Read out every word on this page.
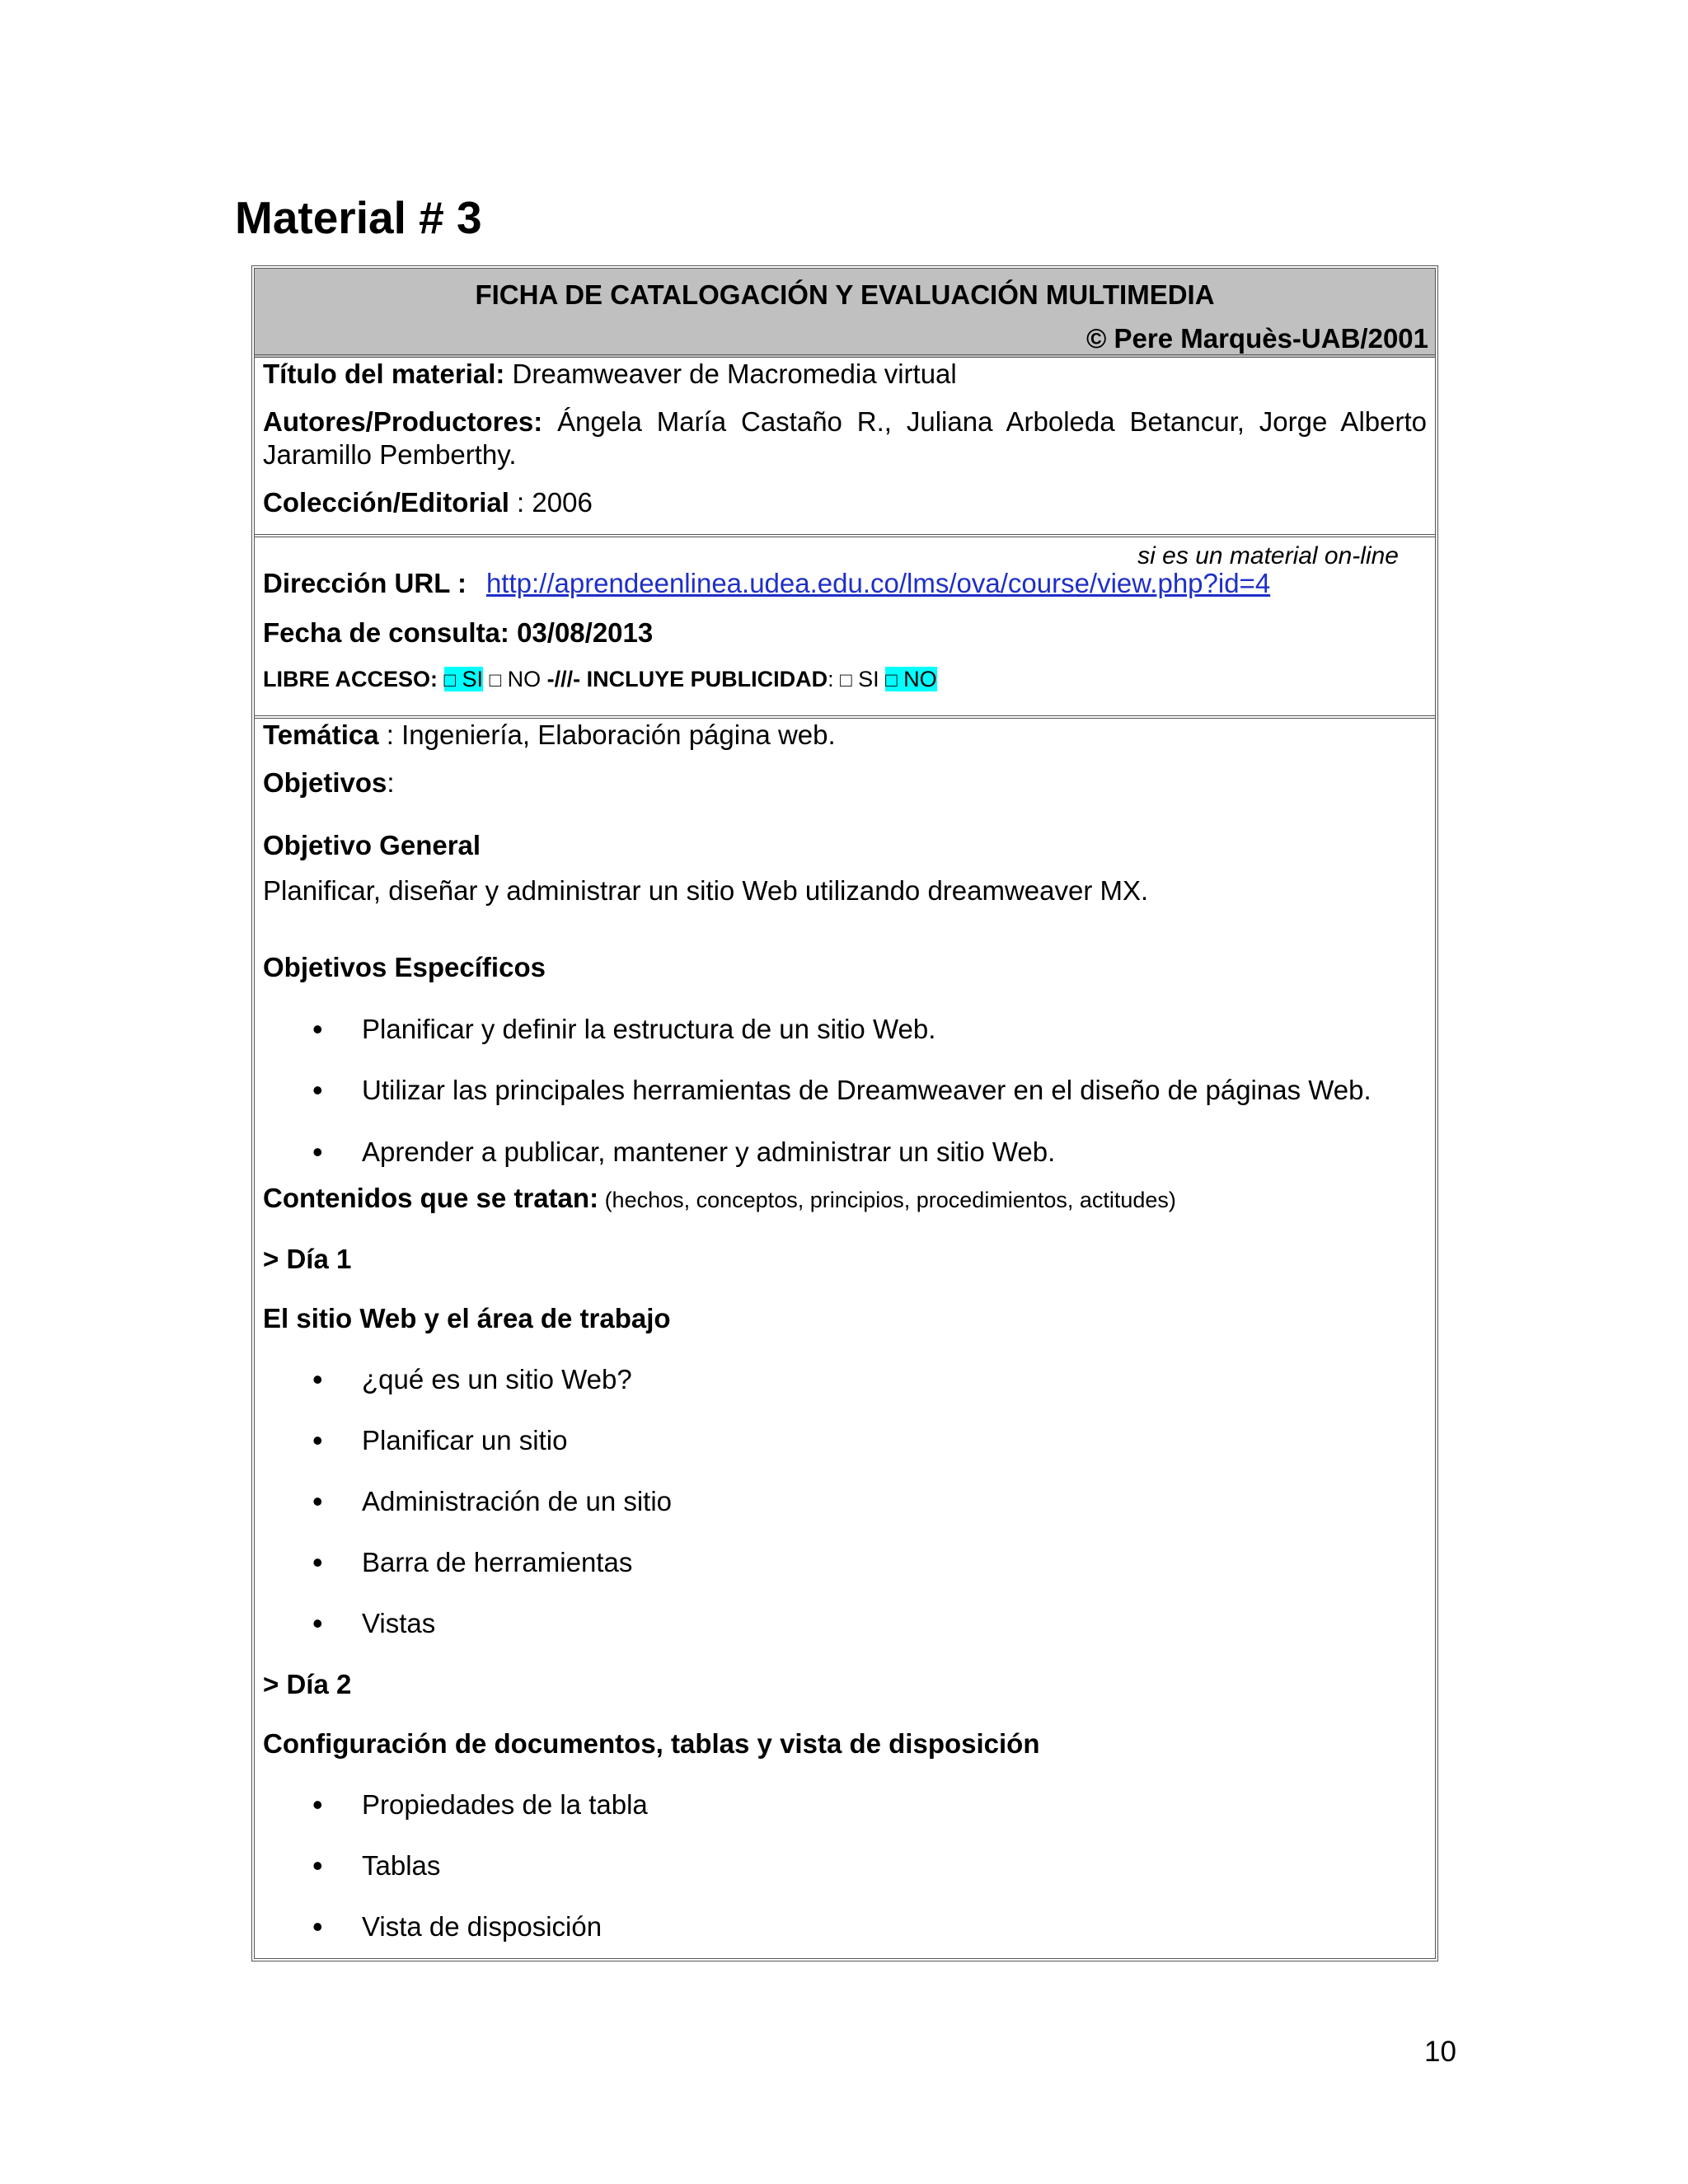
Material # 3
FICHA DE CATALOGACIÓN Y EVALUACIÓN MULTIMEDIA
© Pere Marquès-UAB/2001
Título del material: Dreamweaver de Macromedia virtual
Autores/Productores: Ángela María Castaño R., Juliana Arboleda Betancur, Jorge Alberto Jaramillo Pemberthy.
Colección/Editorial : 2006
si es un material on-line
Dirección URL : http://aprendeenlinea.udea.edu.co/lms/ova/course/view.php?id=4
Fecha de consulta: 03/08/2013
LIBRE ACCESO: □ SI □ NO -///- INCLUYE PUBLICIDAD: □ SI □ NO
Temática : Ingeniería, Elaboración página web.
Objetivos:
Objetivo General
Planificar, diseñar y administrar un sitio Web utilizando dreamweaver MX.
Objetivos Específicos
• Planificar y definir la estructura de un sitio Web.
• Utilizar las principales herramientas de Dreamweaver en el diseño de páginas Web.
• Aprender a publicar, mantener y administrar un sitio Web.
Contenidos que se tratan: (hechos, conceptos, principios, procedimientos, actitudes)
> Día 1
El sitio Web y el área de trabajo
• ¿qué es un sitio Web?
• Planificar un sitio
• Administración de un sitio
• Barra de herramientas
• Vistas
> Día 2
Configuración de documentos, tablas y vista de disposición
• Propiedades de la tabla
• Tablas
• Vista de disposición
10
